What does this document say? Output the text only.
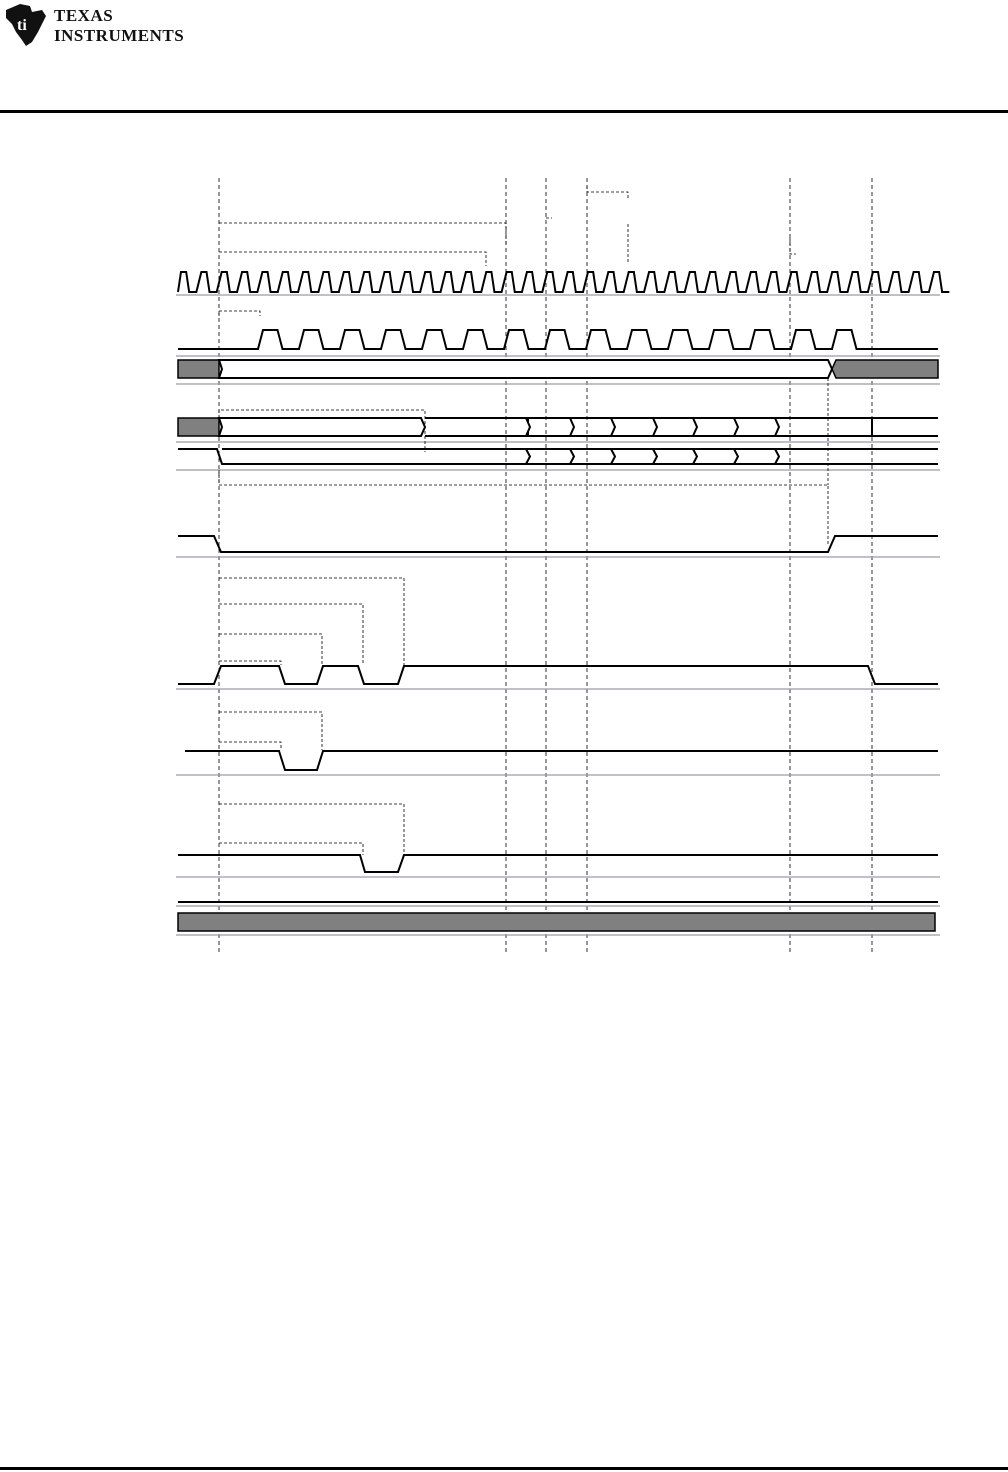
ti
TEXAS
INSTRUMENTS
